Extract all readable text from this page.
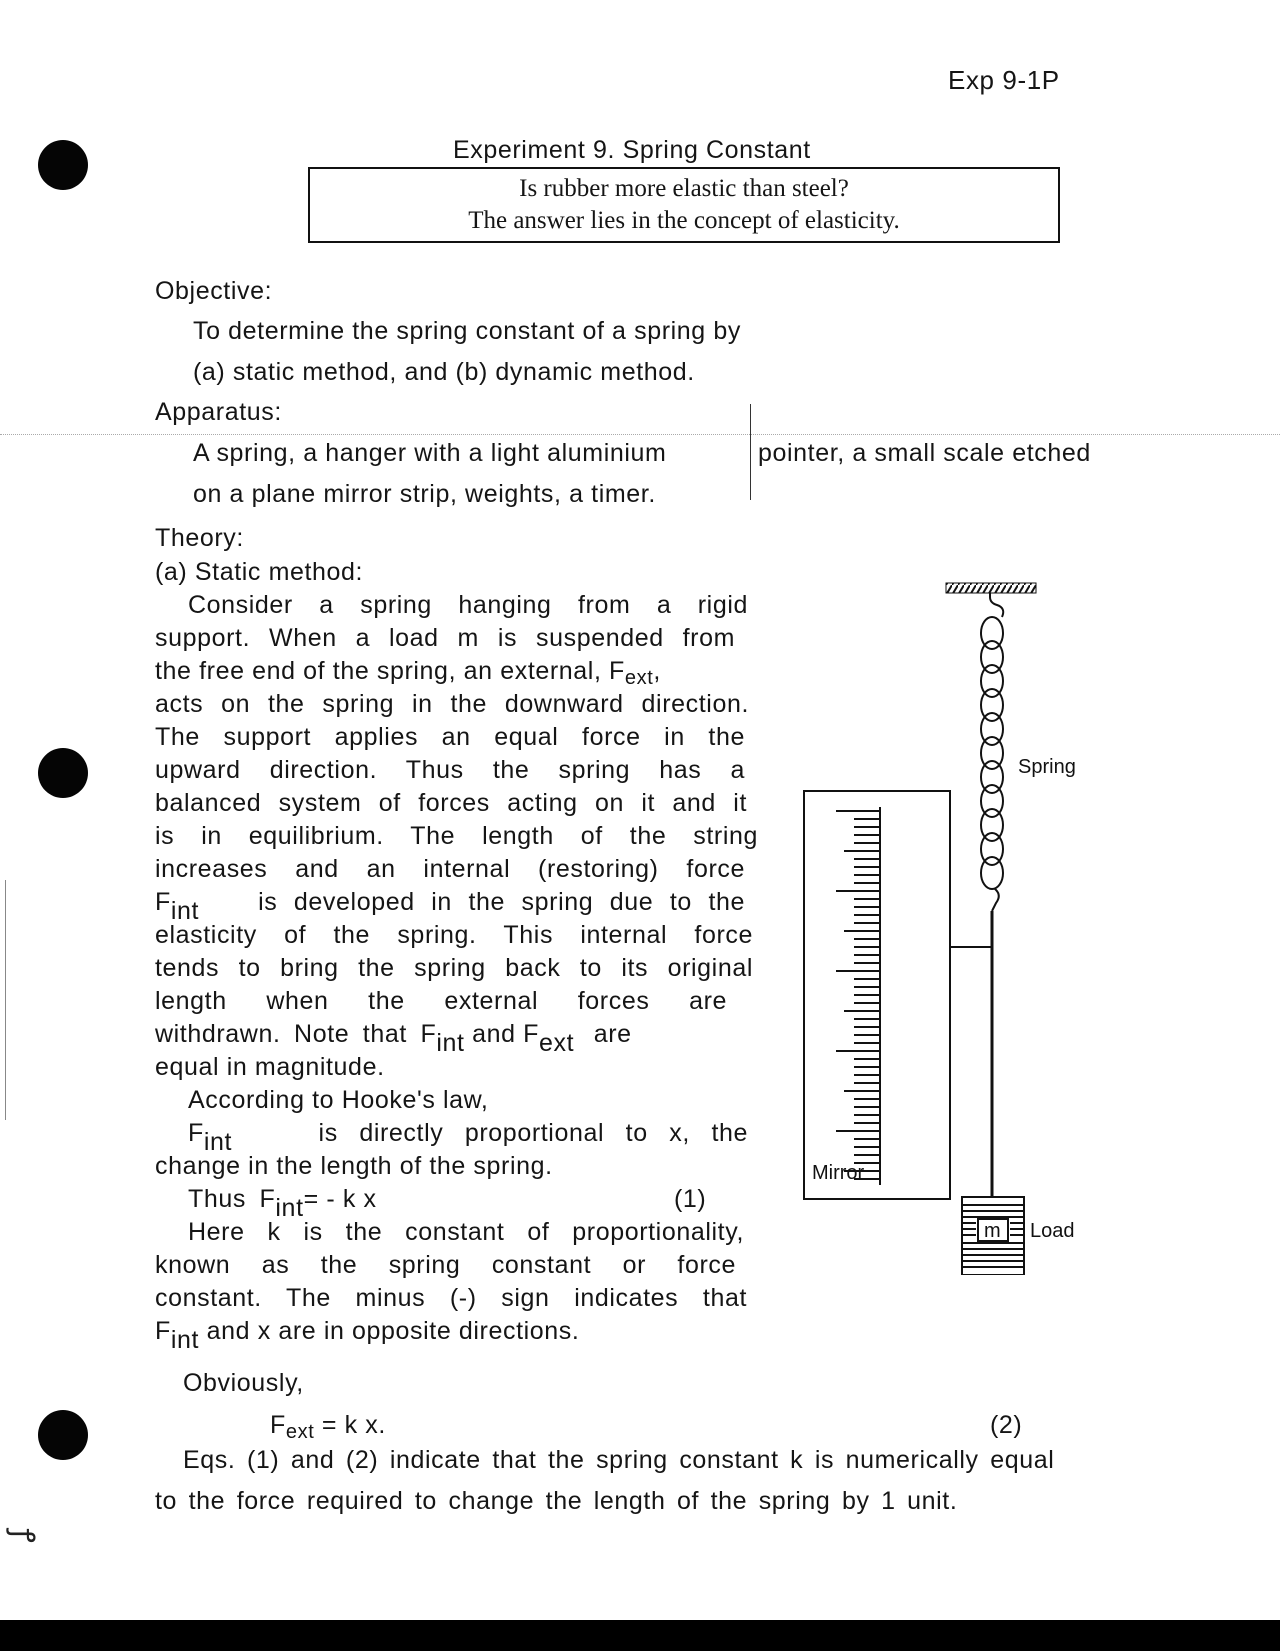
ꝭ
Exp 9-1P
Experiment 9. Spring Constant
Is rubber more elastic than steel?
The answer lies in the concept of elasticity.
Objective:
To determine the spring constant of a spring by
(a) static method, and (b) dynamic method.
Apparatus:
A spring, a hanger with a light aluminium	pointer, a small scale etched
on a plane mirror strip, weights, a timer.
Theory:
(a) Static method:
Consider a spring hanging from a rigid
support. When a load m is suspended from
the free end of the spring, an external, $F_{ext}$,
acts on the spring in the downward direction.
The support applies an equal force in the
upward direction. Thus the spring has a
balanced system of forces acting on it and it
is in equilibrium. The length of the string
increases and an internal (restoring) force
$F_{int}$ is developed in the spring due to the
elasticity of the spring. This internal force
tends to bring the spring back to its original
length when the external forces are
withdrawn. Note that $F_{int}$ and $F_{ext}$ are
equal in magnitude.
According to Hooke's law,
$F_{int}$	is directly proportional to x, the
change in the length of the spring.
Thus $F_{int}= - k$ x	(1)
Here k is the constant of proportionality,
known as the spring constant or force
constant. The minus (-) sign indicates that
$F_{int}$ and x are in opposite directions.
Obviously,
$F_{ext} = k$ x.	(2)
Eqs. (1) and (2) indicate that the spring constant k is numerically equal
to the force required to change the length of the spring by 1 unit.
Spring
Mirror
m Load
